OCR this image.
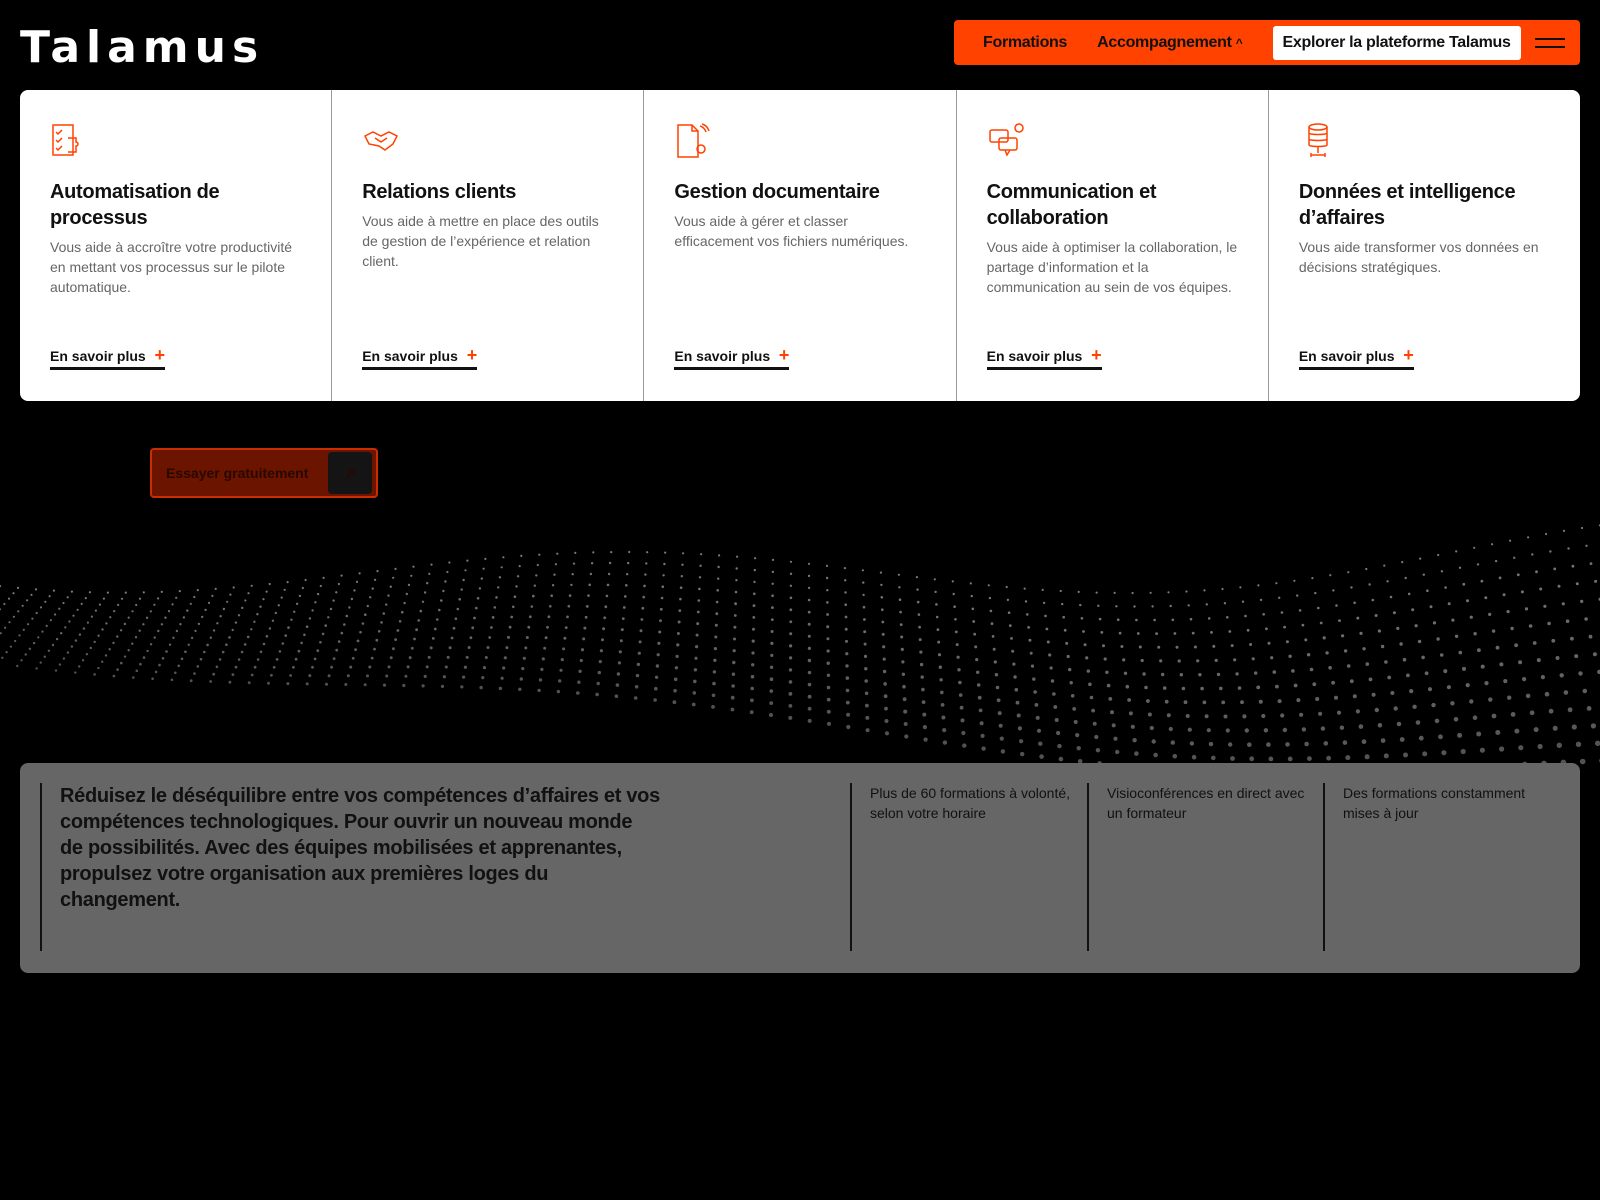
Talamus	Formations Accompagnement ^	Explorer la plateforme Talamus
Automatisation de processus

Vous aide à accroître votre productivité en mettant vos processus sur le pilote automatique.

En savoir plus +
Relations clients

Vous aide à mettre en place des outils de gestion de l’expérience et relation client.

En savoir plus +
Gestion documentaire

Vous aide à gérer et classer efficacement vos fichiers numériques.

En savoir plus +
Communication et collaboration

Vous aide à optimiser la collaboration, le partage d’information et la communication au sein de vos équipes.

En savoir plus +
Données et intelligence d’affaires

Vous aide transformer vos données en décisions stratégiques.

En savoir plus +
Essayer gratuitement	↗

Réduisez le déséquilibre entre vos compétences d’affaires et vos compétences technologiques. Pour ouvrir un nouveau monde de possibilités. Avec des équipes mobilisées et apprenantes, propulsez votre organisation aux premières loges du changement.

Plus de 60 formations à volonté, selon votre horaire

Visioconférences en direct avec un formateur

Des formations constamment mises à jour
